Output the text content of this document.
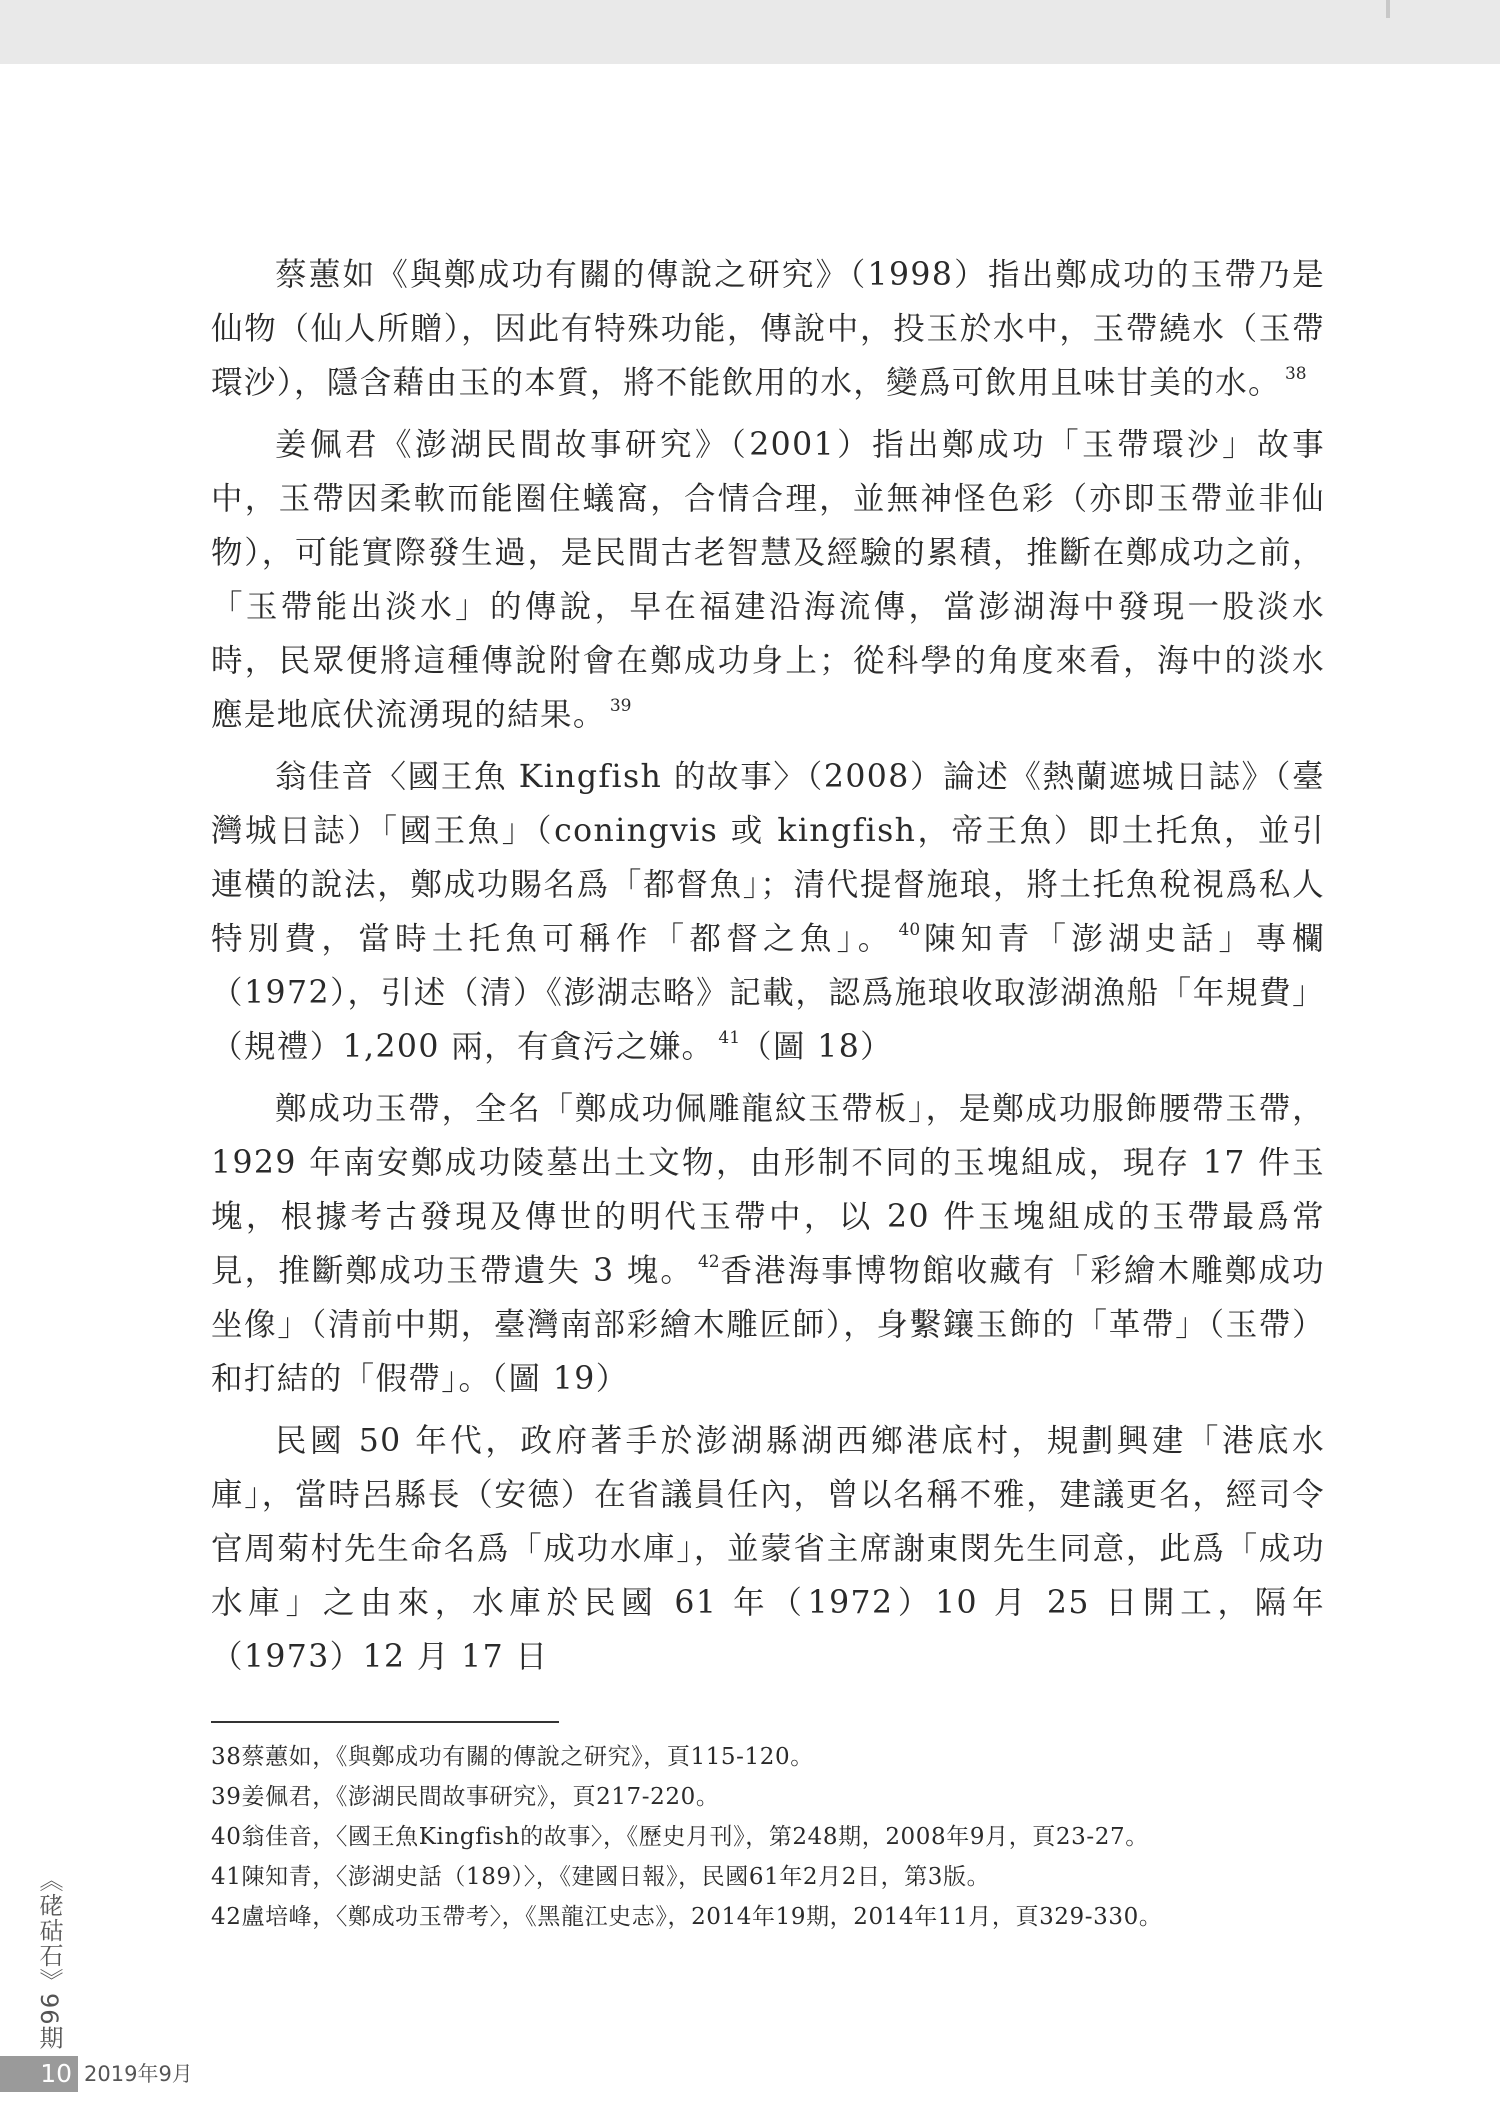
蔡蕙如《與鄭成功有關的傳說之研究》（1998）指出鄭成功的玉帶乃是仙物（仙人所贈），因此有特殊功能，傳說中，投玉於水中，玉帶繞水（玉帶環沙），隱含藉由玉的本質，將不能飲用的水，變爲可飲用且味甘美的水。 $^{38}$

姜佩君《澎湖民間故事研究》（2001）指出鄭成功「玉帶環沙」故事中，玉帶因柔軟而能圈住蟻窩，合情合理，並無神怪色彩（亦即玉帶並非仙物），可能實際發生過，是民間古老智慧及經驗的累積，推斷在鄭成功之前，「玉帶能出淡水」的傳說，早在福建沿海流傳，當澎湖海中發現一股淡水時，民眾便將這種傳說附會在鄭成功身上；從科學的角度來看，海中的淡水應是地底伏流湧現的結果。 $^{39}$

翁佳音〈國王魚 Kingfish 的故事〉（2008）論述《熱蘭遮城日誌》（臺灣城日誌）「國王魚」（coningvis 或 kingfish，帝王魚）即土托魚，並引連橫的說法，鄭成功賜名爲「都督魚」；清代提督施琅，將土托魚稅視爲私人特別費，當時土托魚可稱作「都督之魚」。 $^{40}$陳知青「澎湖史話」專欄（1972），引述（清）《澎湖志略》記載，認爲施琅收取澎湖漁船「年規費」（規禮）1,200 兩，有貪污之嫌。 $^{41}$（圖 18）

鄭成功玉帶，全名「鄭成功佩雕龍紋玉帶板」，是鄭成功服飾腰帶玉帶，1929 年南安鄭成功陵墓出土文物，由形制不同的玉塊組成，現存 17 件玉塊，根據考古發現及傳世的明代玉帶中，以 20 件玉塊組成的玉帶最爲常見，推斷鄭成功玉帶遺失 3 塊。 $^{42}$香港海事博物館收藏有「彩繪木雕鄭成功坐像」（清前中期，臺灣南部彩繪木雕匠師），身繫鑲玉飾的「革帶」（玉帶）和打結的「假帶」。（圖 19）

民國 50 年代，政府著手於澎湖縣湖西鄉港底村，規劃興建「港底水庫」，當時呂縣長（安德）在省議員任內，曾以名稱不雅，建議更名，經司令官周菊村先生命名爲「成功水庫」，並蒙省主席謝東閔先生同意，此爲「成功水庫」之由來，水庫於民國 61 年（1972）10 月 25 日開工，隔年（1973）12 月 17 日

38蔡蕙如，《與鄭成功有關的傳說之研究》，頁115-120。
39姜佩君，《澎湖民間故事研究》，頁217-220。
40翁佳音，〈國王魚Kingfish的故事〉，《歷史月刊》，第248期，2008年9月，頁23-27。
41陳知青，〈澎湖史話（189）〉，《建國日報》，民國61年2月2日，第3版。
42盧培峰，〈鄭成功玉帶考〉，《黑龍江史志》，2014年19期，2014年11月，頁329-330。
《硓𥑮石》96期
10 2019年9月
